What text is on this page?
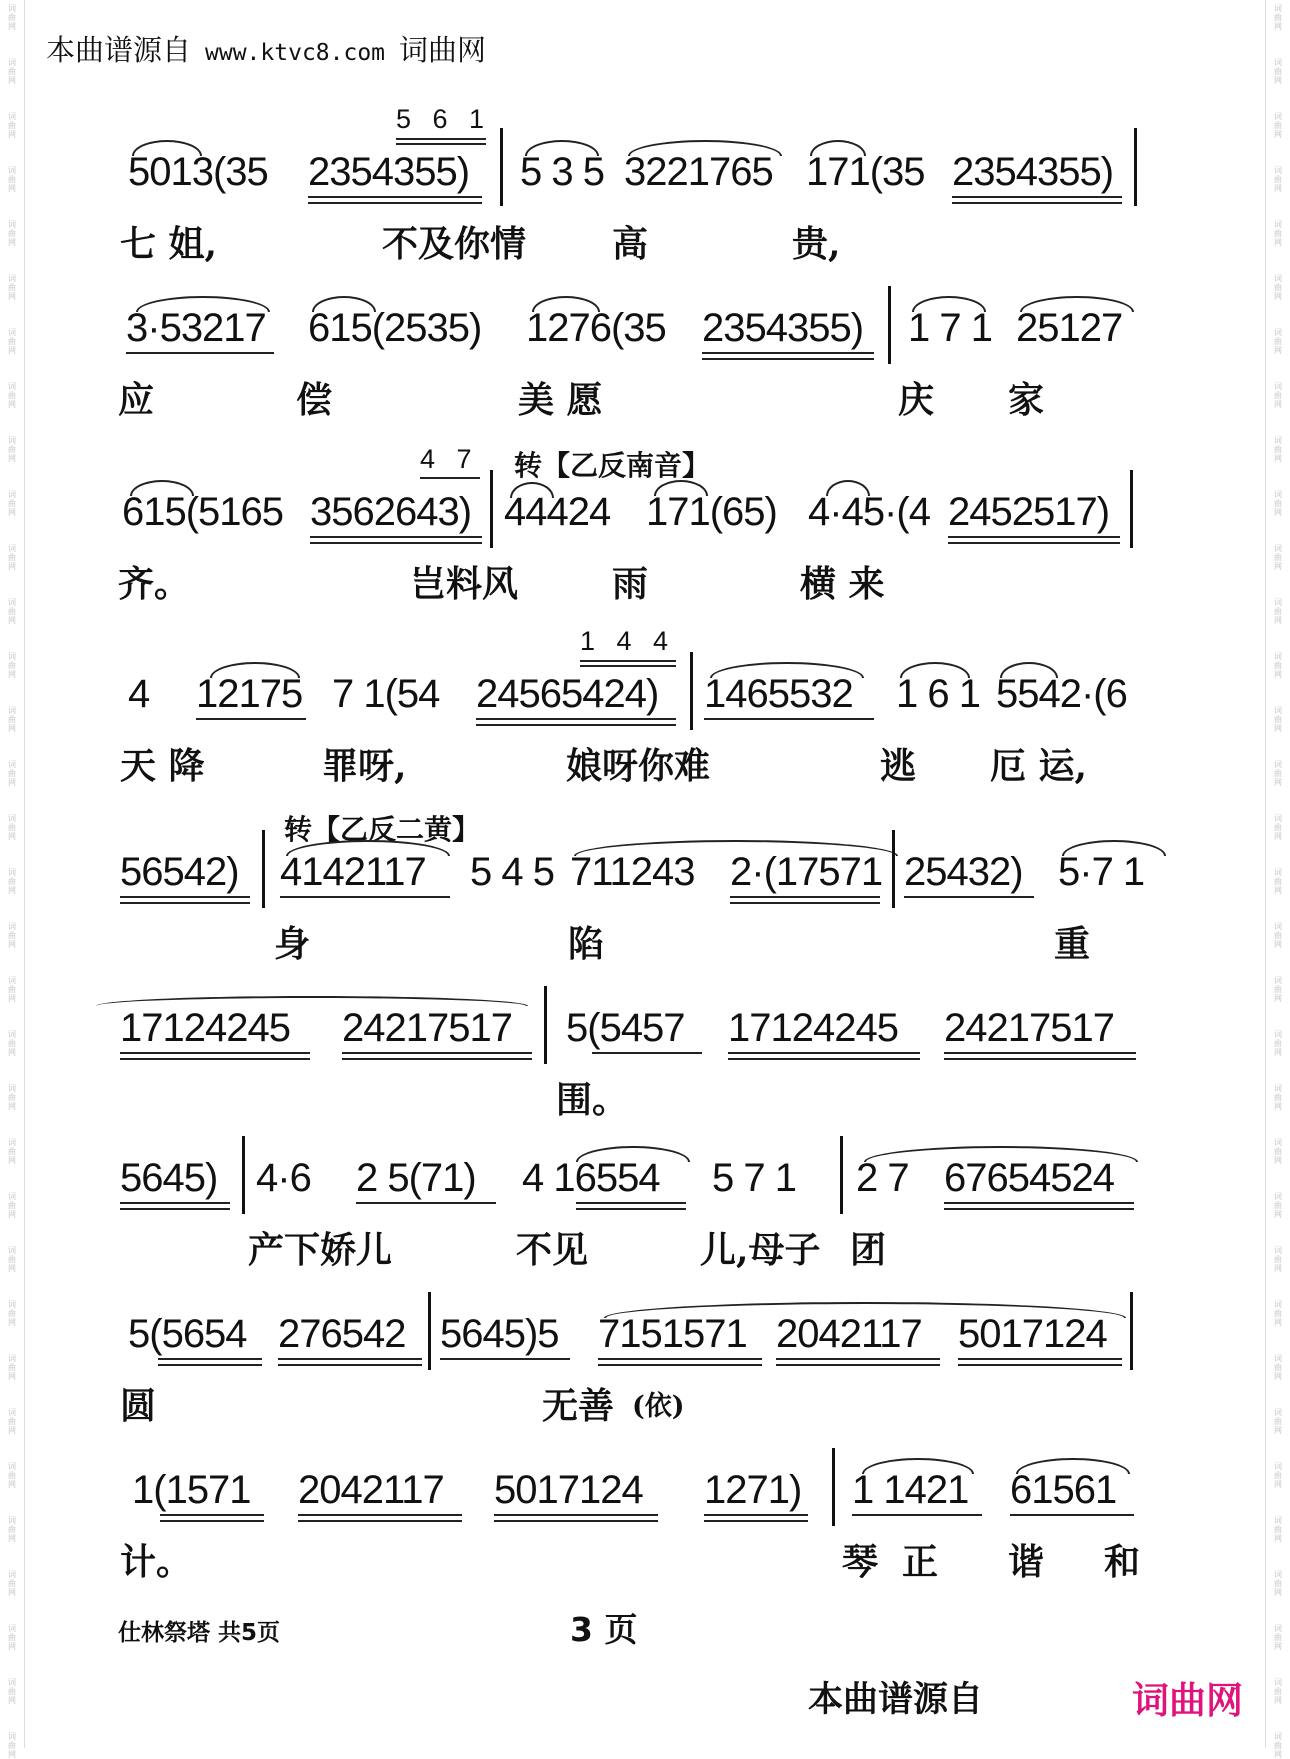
词
曲
网
词
曲
网
词
曲
网
词
曲
网
词
曲
网
词
曲
网
词
曲
网
词
曲
网
词
曲
网
词
曲
网
词
曲
网
词
曲
网
词
曲
网
词
曲
网
词
曲
网
词
曲
网
词
曲
网
词
曲
网
词
曲
网
词
曲
网
词
曲
网
词
曲
网
词
曲
网
词
曲
网
词
曲
网
词
曲
网
词
曲
网
词
曲
网
词
曲
网
词
曲
网
词
曲
网
词
曲
网
词
曲
网
词
曲
网
词
曲
网
词
曲
网
词
曲
网
词
曲
网
词
曲
网
词
曲
网
词
曲
网
词
曲
网
词
曲
网
词
曲
网
词
曲
网
词
曲
网
词
曲
网
词
曲
网
词
曲
网
词
曲
网
词
曲
网
词
曲
网
词
曲
网
词
曲
网
词
曲
网
词
曲
网
词
曲
网
词
曲
网
词
曲
网
词
曲
网
词
曲
网
词
曲
网
词
曲
网
词
曲
网
词
曲
网
词
曲
网
本曲谱源自 www.ktvc8.com 词曲网
5 6 1
5013(35 2354355) 5 3 5 3221765 171(35 2354355)
七 姐,	不及你情 高	贵,
3·53217 615(2535) 1276(35 2354355) 1 7 1 25127
应	偿	美 愿	庆 家
4 7 转【乙反南音】
615(5165 3562643) 44424 171(65) 4·45·(4 2452517)
齐。	岂料风	雨	横 来
1 4 4
4 12175 7 1(54 24565424) 1465532 1 6 1 5542·(6
天 降	罪呀,	娘呀你难	逃 厄 运,
转【乙反二黄】
56542) 4142117 5 4 5 711243 2·(17571 25432) 5·7 1
身	陷	重
17124245 24217517 5(5457 17124245 24217517
围。
5645) 4·6 2 5(71) 4 16554 5 7 1 2 7 67654524
产下娇儿	不见	儿,母子 团
5(5654 276542 5645)5 7151571 2042117 5017124
圆	无善 (依)
1(1571 2042117 5017124 1271) 1 1421 61561
计。	琴 正 谐 和
仕林祭塔 共5页	3 页
本曲谱源自	词曲网
